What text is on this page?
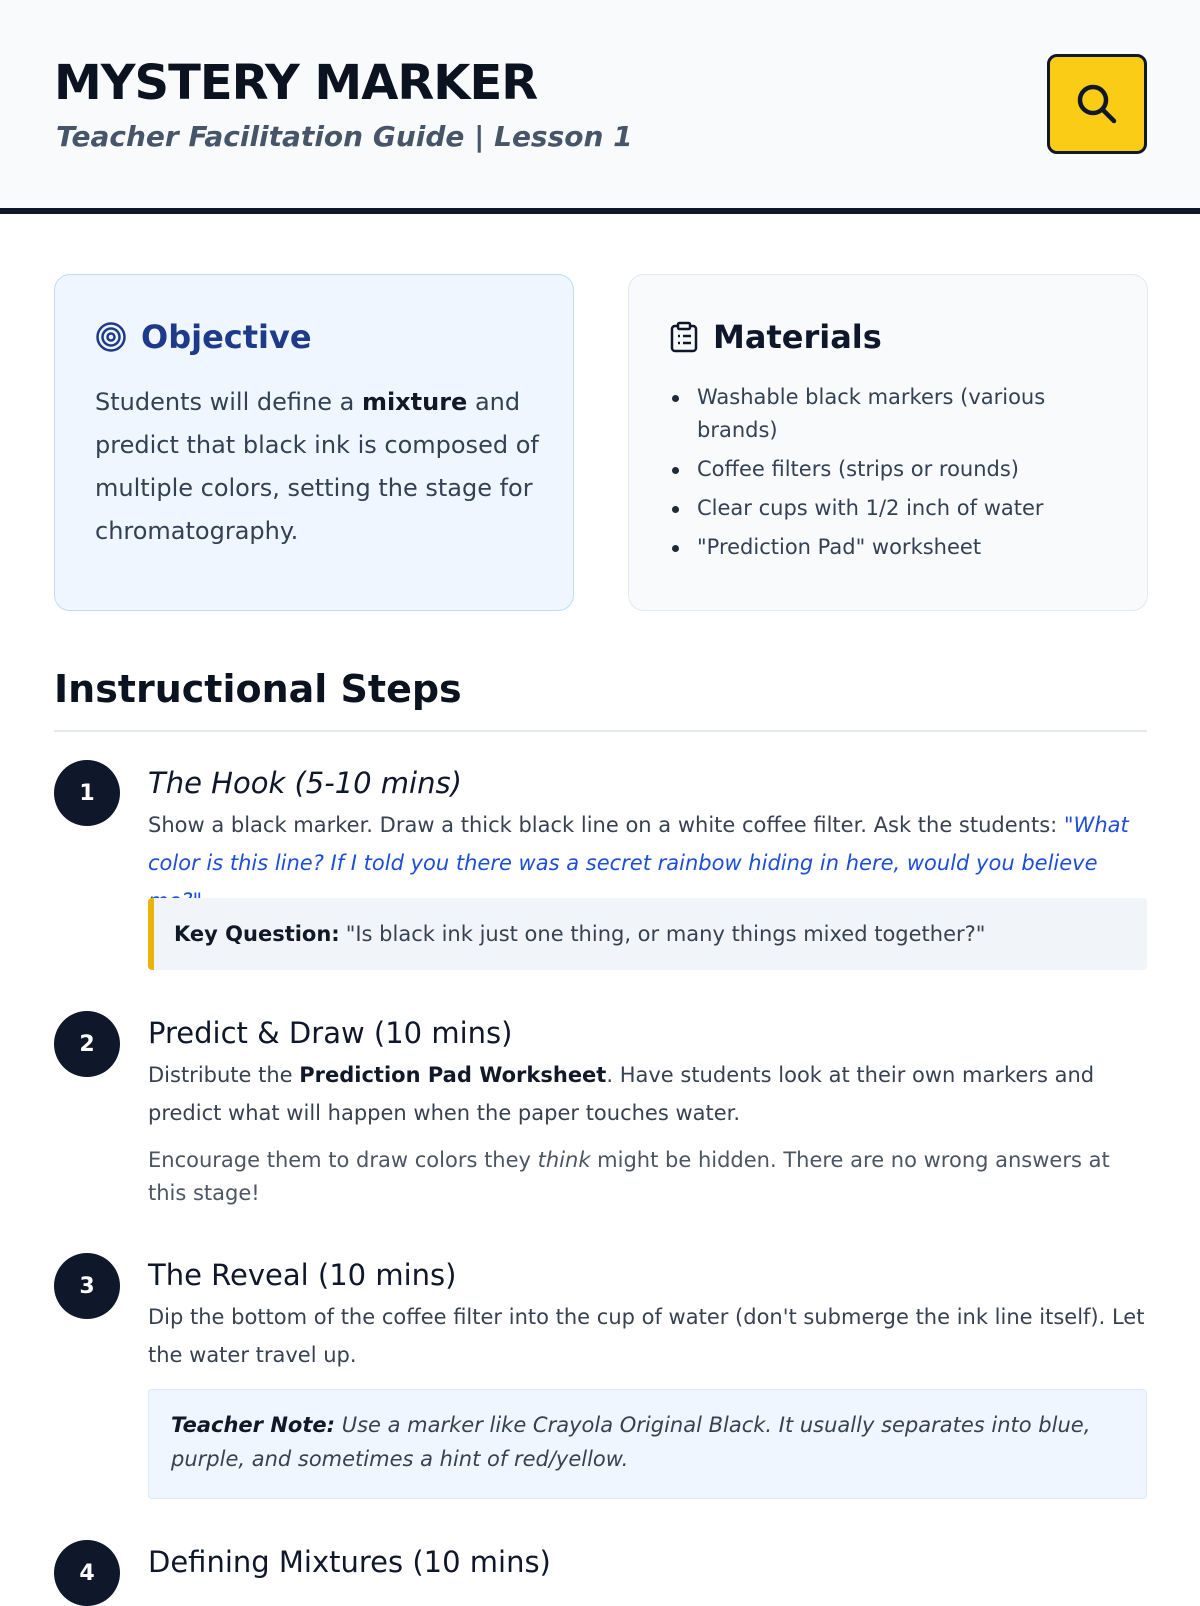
MYSTERY MARKER
Teacher Facilitation Guide | Lesson 1
Objective

Students will define a mixture and predict that black ink is composed of multiple colors, setting the stage for chromatography.

Materials
Washable black markers (various brands)
Coffee filters (strips or rounds)
Clear cups with 1/2 inch of water
"Prediction Pad" worksheet
Instructional Steps
1	The Hook (5-10 mins)

Show a black marker. Draw a thick black line on a white coffee filter. Ask the students: "What color is this line? If I told you there was a secret rainbow hiding in here, would you believe

Key Question: "Is black ink just one thing, or many things mixed together?"
2	Predict & Draw (10 mins)

Distribute the Prediction Pad Worksheet. Have students look at their own markers and predict what will happen when the paper touches water.

Encourage them to draw colors they think might be hidden. There are no wrong answers at this stage!

3	The Reveal (10 mins)

Dip the bottom of the coffee filter into the cup of water (don't submerge the ink line itself). Let the water travel up.

Teacher Note: Use a marker like Crayola Original Black. It usually separates into blue, purple, and sometimes a hint of red/yellow.
4	Defining Mixtures (10 mins)
